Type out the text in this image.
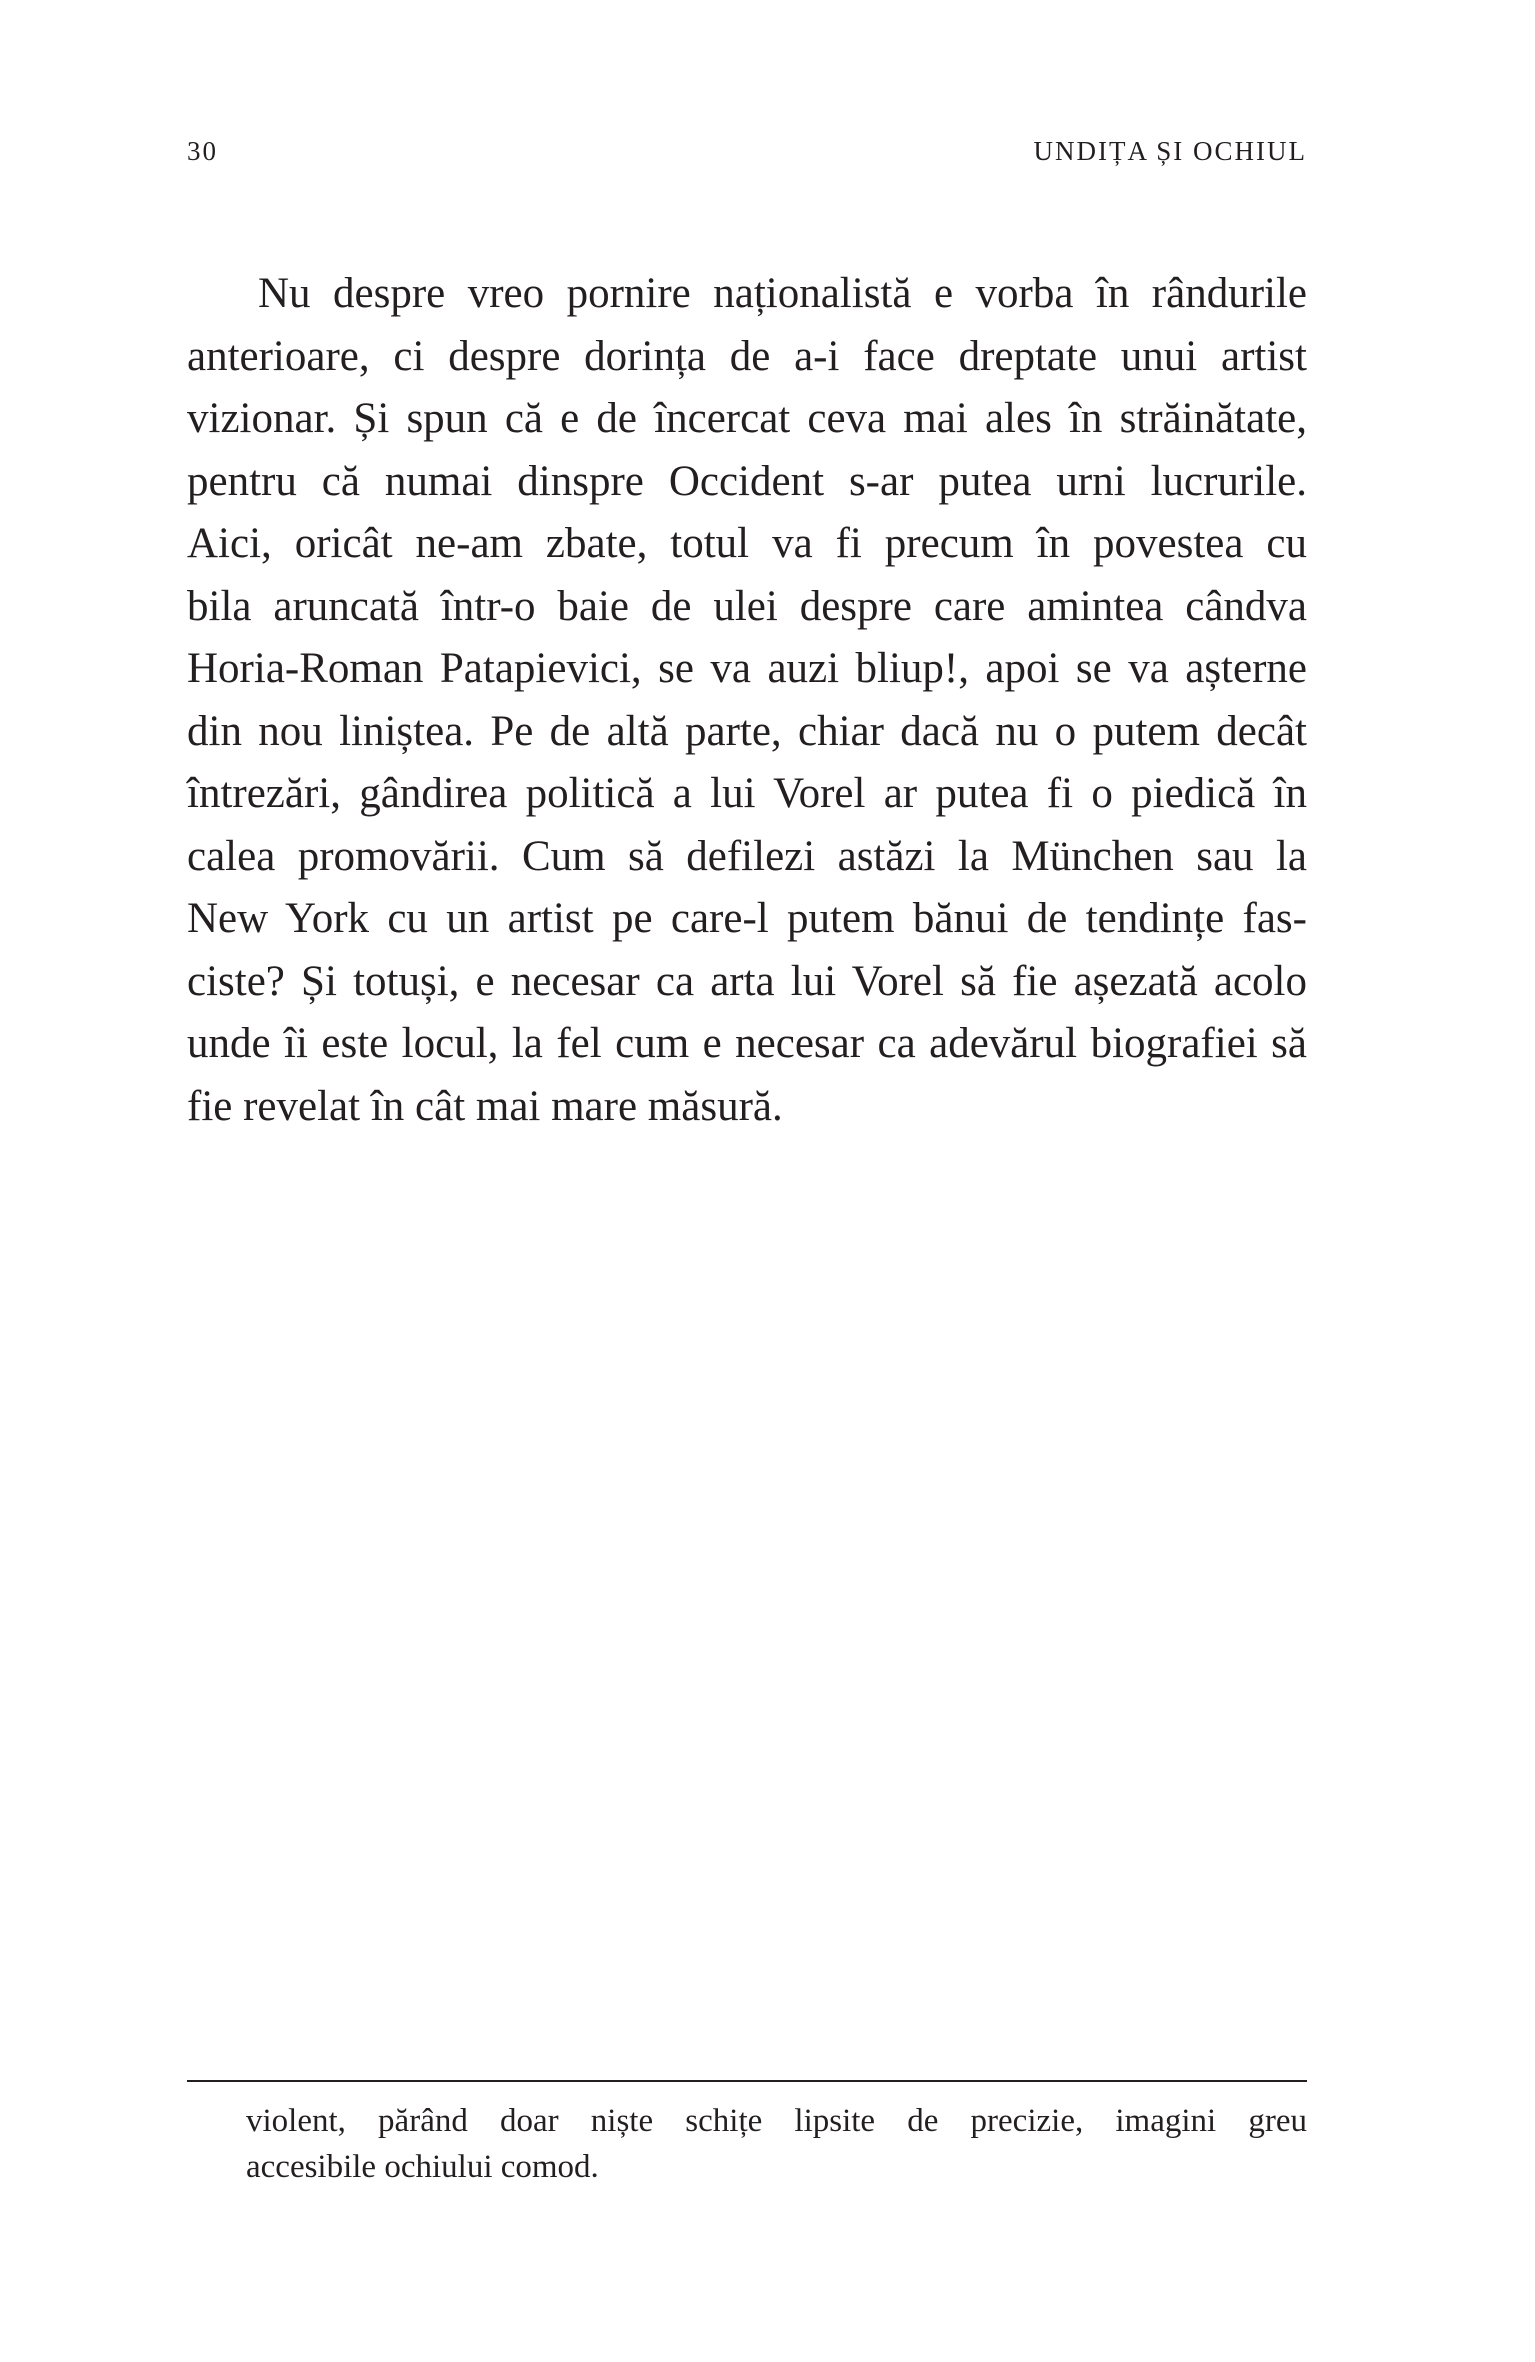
30	UNDIȚA ȘI OCHIUL
Nu despre vreo pornire naționalistă e vorba în rândurile
anterioare, ci despre dorința de a-i face dreptate unui artist
vizionar. Și spun că e de încercat ceva mai ales în străinătate,
pentru că numai dinspre Occident s-ar putea urni lucrurile.
Aici, oricât ne-am zbate, totul va fi precum în povestea cu
bila aruncată într-o baie de ulei despre care amintea cândva
Horia-Roman Patapievici, se va auzi bliup!, apoi se va așterne
din nou liniștea. Pe de altă parte, chiar dacă nu o putem decât
întrezări, gândirea politică a lui Vorel ar putea fi o piedică în
calea promovării. Cum să defilezi astăzi la München sau la
New York cu un artist pe care-l putem bănui de tendințe fas-
ciste? Și totuși, e necesar ca arta lui Vorel să fie așezată acolo
unde îi este locul, la fel cum e necesar ca adevărul biografiei să
fie revelat în cât mai mare măsură.
violent, părând doar niște schițe lipsite de precizie, imagini greu
accesibile ochiului comod.
